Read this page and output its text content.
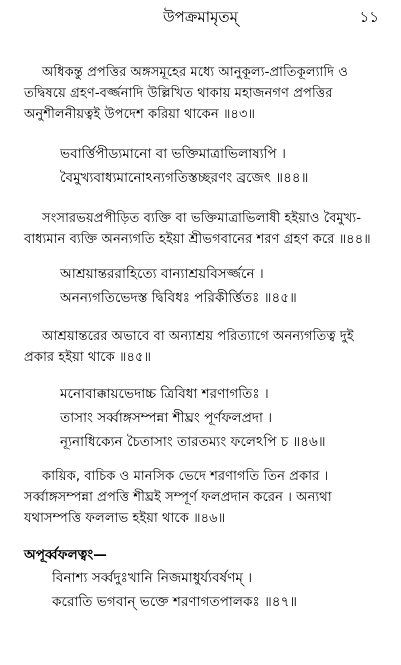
উপক্রমামৃতম্	১১
অধিকন্তু প্রপত্তির অঙ্গসমূহের মধ্যে আনুকূল্য-প্রাতিকূল্যাদি ও
তদ্বিষয়ে গ্রহণ-বর্জ্জনাদি উল্লিখিত থাকায় মহাজনগণ প্রপত্তির
অনুশীলনীয়ত্বই উপদেশ করিয়া থাকেন ॥৪৩॥
ভবার্ত্তিপীড্যমানো বা ভক্তিমাত্রাভিলাষ্যপি ।
বৈমুখ্যবাধ্যমানোঽন্যগতিস্তচ্ছরণং ব্রজেৎ ॥৪৪॥
সংসারভয়প্রপীড়িত ব্যক্তি বা ভক্তিমাত্রাভিলাষী হইয়াও বৈমুখ্য-
বাধ্যমান ব্যক্তি অনন্যগতি হইয়া শ্রীভগবানের শরণ গ্রহণ করে ॥৪৪॥
আশ্রয়ান্তররাহিত্যে বান্যাশ্রয়বিসর্জ্জনে ।
অনন্যগতিভেদস্ত দ্বিবিধঃ পরিকীর্ত্তিতঃ ॥৪৫॥
আশ্রয়ান্তরের অভাবে বা অন্যাশ্রয় পরিত্যাগে অনন্যগতিত্ব দুই
প্রকার হইয়া থাকে ॥৪৫॥
মনোবাক্কায়ভেদাচ্চ ত্রিবিধা শরণাগতিঃ ।
তাসাং সর্ব্বাঙ্গসম্পন্না শীঘ্রং পূর্ণফলপ্রদা ।
ন্যূনাধিক্যেন চৈতাসাং তারতম্যং ফলেঽপি চ ॥৪৬॥
কায়িক, বাচিক ও মানসিক ভেদে শরণাগতি তিন প্রকার ।
সর্ব্বাঙ্গসম্পন্না প্রপত্তি শীঘ্রই সম্পূর্ণ ফলপ্রদান করেন । অন্যথা
যথাসম্পত্তি ফললাভ হইয়া থাকে ॥৪৬॥
অপূর্ব্বফলত্বং—
বিনাশ্য সর্ব্বদুঃখানি নিজমাধুর্য্যবর্ষণম্ ।
করোতি ভগবান্ ভক্তে শরণাগতপালকঃ ॥৪৭॥
